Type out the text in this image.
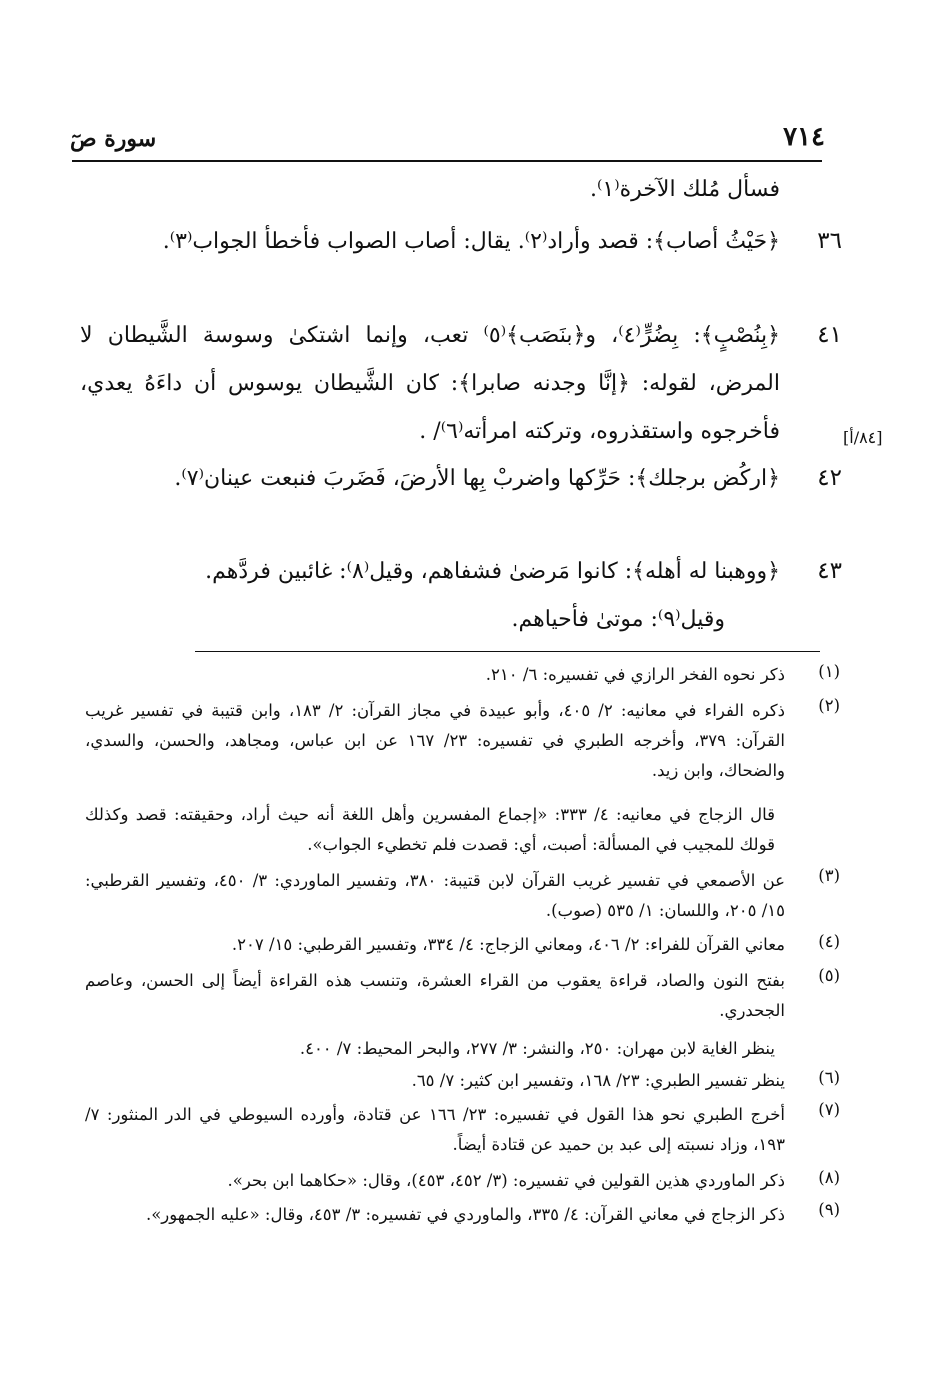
٧١٤
سورة صٓ
فسأل مُلك الآخرة⁽١⁾.
٣٦
﴿حَيْثُ أصاب﴾: قصد وأراد⁽٢⁾. يقال: أصاب الصواب فأخطأ الجواب⁽٣⁾.
٤١
﴿بِنُصْبٍ﴾: بِضُرٍّ⁽٤⁾، و﴿بنَصَب﴾⁽٥⁾ تعب، وإنما اشتكىٰ وسوسة الشَّيطان لا المرض، لقوله: ﴿إنَّا وجدنه صابرا﴾: كان الشَّيطان يوسوس أن داءَهُ يعدي، فأخرجوه واستقذروه، وتركته امرأته⁽٦⁾/ .	[٨٤/أ]
٤٢
﴿اركُض برجلك﴾: حَرِّكها واضربْ بِها الأرضَ، فَضَربَ فنبعت عينان⁽٧⁾.
٤٣
﴿ووهبنا له أهله﴾: كانوا مَرضىٰ فشفاهم، وقيل⁽٨⁾: غائبين فردَّهم.
وقيل⁽٩⁾: موتىٰ فأحياهم.
(١)
ذكر نحوه الفخر الرازي في تفسيره: ٦/ ٢١٠.
(٢)
ذكره الفراء في معانيه: ٢/ ٤٠٥، وأبو عبيدة في مجاز القرآن: ٢/ ١٨٣، وابن قتيبة في تفسير غريب القرآن: ٣٧٩، وأخرجه الطبري في تفسيره: ٢٣/ ١٦٧ عن ابن عباس، ومجاهد، والحسن، والسدي، والضحاك، وابن زيد.
قال الزجاج في معانيه: ٤/ ٣٣٣: «إجماع المفسرين وأهل اللغة أنه حيث أراد، وحقيقته: قصد وكذلك قولك للمجيب في المسألة: أصبت، أي: قصدت فلم تخطيء الجواب».
(٣)
عن الأصمعي في تفسير غريب القرآن لابن قتيبة: ٣٨٠، وتفسير الماوردي: ٣/ ٤٥٠، وتفسير القرطبي: ١٥/ ٢٠٥، واللسان: ١/ ٥٣٥ (صوب).
(٤)
معاني القرآن للفراء: ٢/ ٤٠٦، ومعاني الزجاج: ٤/ ٣٣٤، وتفسير القرطبي: ١٥/ ٢٠٧.
(٥)
بفتح النون والصاد، قراءة يعقوب من القراء العشرة، وتنسب هذه القراءة أيضاً إلى الحسن، وعاصم الجحدري.
ينظر الغاية لابن مهران: ٢٥٠، والنشر: ٣/ ٢٧٧، والبحر المحيط: ٧/ ٤٠٠.
(٦)
ينظر تفسير الطبري: ٢٣/ ١٦٨، وتفسير ابن كثير: ٧/ ٦٥.
(٧)
أخرج الطبري نحو هذا القول في تفسيره: ٢٣/ ١٦٦ عن قتادة، وأورده السيوطي في الدر المنثور: ٧/ ١٩٣، وزاد نسبته إلى عبد بن حميد عن قتادة أيضاً.
(٨)
ذكر الماوردي هذين القولين في تفسيره: (٣/ ٤٥٢، ٤٥٣)، وقال: «حكاهما ابن بحر».
(٩)
ذكر الزجاج في معاني القرآن: ٤/ ٣٣٥، والماوردي في تفسيره: ٣/ ٤٥٣، وقال: «عليه الجمهور».
